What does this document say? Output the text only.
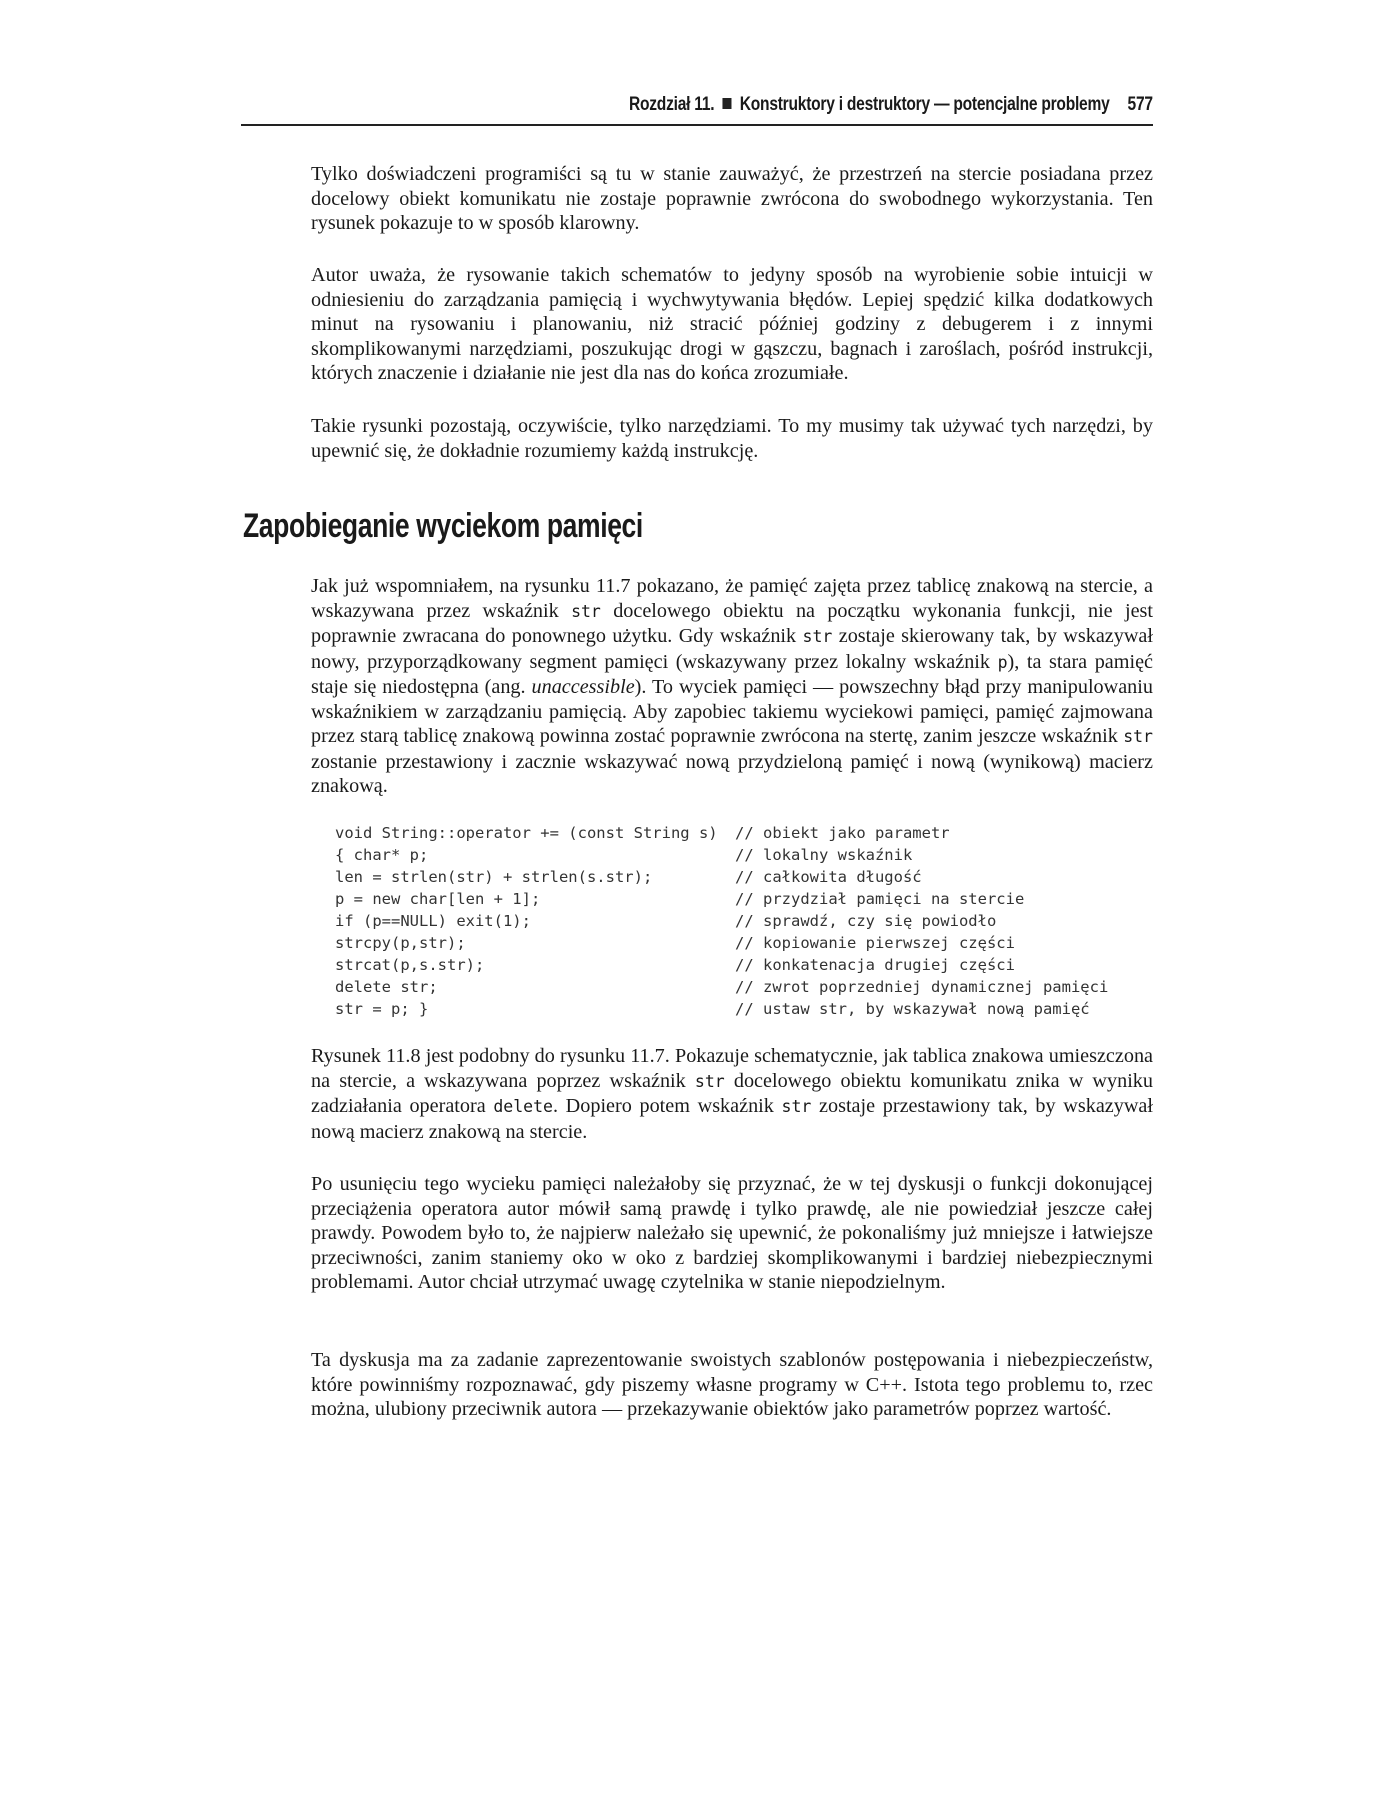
Rozdział 11. Konstruktory i destruktory — potencjalne problemy 577

Tylko doświadczeni programiści są tu w stanie zauważyć, że przestrzeń na stercie posiadana przez docelowy obiekt komunikatu nie zostaje poprawnie zwrócona do swobodnego wykorzystania. Ten rysunek pokazuje to w sposób klarowny.

Autor uważa, że rysowanie takich schematów to jedyny sposób na wyrobienie sobie intuicji w odniesieniu do zarządzania pamięcią i wychwytywania błędów. Lepiej spędzić kilka dodatkowych minut na rysowaniu i planowaniu, niż stracić później godziny z debugerem i z innymi skomplikowanymi narzędziami, poszukując drogi w gąszczu, bagnach i zaroślach, pośród instrukcji, których znaczenie i działanie nie jest dla nas do końca zrozumiałe.

Takie rysunki pozostają, oczywiście, tylko narzędziami. To my musimy tak używać tych narzędzi, by upewnić się, że dokładnie rozumiemy każdą instrukcję.

Zapobieganie wyciekom pamięci

Jak już wspomniałem, na rysunku 11.7 pokazano, że pamięć zajęta przez tablicę znakową na stercie, a wskazywana przez wskaźnik str docelowego obiektu na początku wykonania funkcji, nie jest poprawnie zwracana do ponownego użytku. Gdy wskaźnik str zostaje skierowany tak, by wskazywał nowy, przyporządkowany segment pamięci (wskazywany przez lokalny wskaźnik p), ta stara pamięć staje się niedostępna (ang. unaccessible). To wyciek pamięci — powszechny błąd przy manipulowaniu wskaźnikiem w zarządzaniu pamięcią. Aby zapobiec takiemu wyciekowi pamięci, pamięć zajmowana przez starą tablicę znakową powinna zostać poprawnie zwrócona na stertę, zanim jeszcze wskaźnik str zostanie przestawiony i zacznie wskazywać nową przydzieloną pamięć i nową (wynikową) macierz znakową.

void String::operator += (const String s) // obiekt jako parametr
{ char* p;	// lokalny wskaźnik
len = strlen(str) + strlen(s.str);	// całkowita długość
p = new char[len + 1];	// przydział pamięci na stercie
if (p==NULL) exit(1);	// sprawdź, czy się powiodło
strcpy(p,str);	// kopiowanie pierwszej części
strcat(p,s.str);	// konkatenacja drugiej części
delete str;	// zwrot poprzedniej dynamicznej pamięci
str = p; }	// ustaw str, by wskazywał nową pamięć

Rysunek 11.8 jest podobny do rysunku 11.7. Pokazuje schematycznie, jak tablica znakowa umieszczona na stercie, a wskazywana poprzez wskaźnik str docelowego obiektu komunikatu znika w wyniku zadziałania operatora delete. Dopiero potem wskaźnik str zostaje przestawiony tak, by wskazywał nową macierz znakową na stercie.

Po usunięciu tego wycieku pamięci należałoby się przyznać, że w tej dyskusji o funkcji dokonującej przeciążenia operatora autor mówił samą prawdę i tylko prawdę, ale nie powiedział jeszcze całej prawdy. Powodem było to, że najpierw należało się upewnić, że pokonaliśmy już mniejsze i łatwiejsze przeciwności, zanim staniemy oko w oko z bardziej skomplikowanymi i bardziej niebezpiecznymi problemami. Autor chciał utrzymać uwagę czytelnika w stanie niepodzielnym.

Ta dyskusja ma za zadanie zaprezentowanie swoistych szablonów postępowania i niebezpieczeństw, które powinniśmy rozpoznawać, gdy piszemy własne programy w C++. Istota tego problemu to, rzec można, ulubiony przeciwnik autora — przekazywanie obiektów jako parametrów poprzez wartość.
